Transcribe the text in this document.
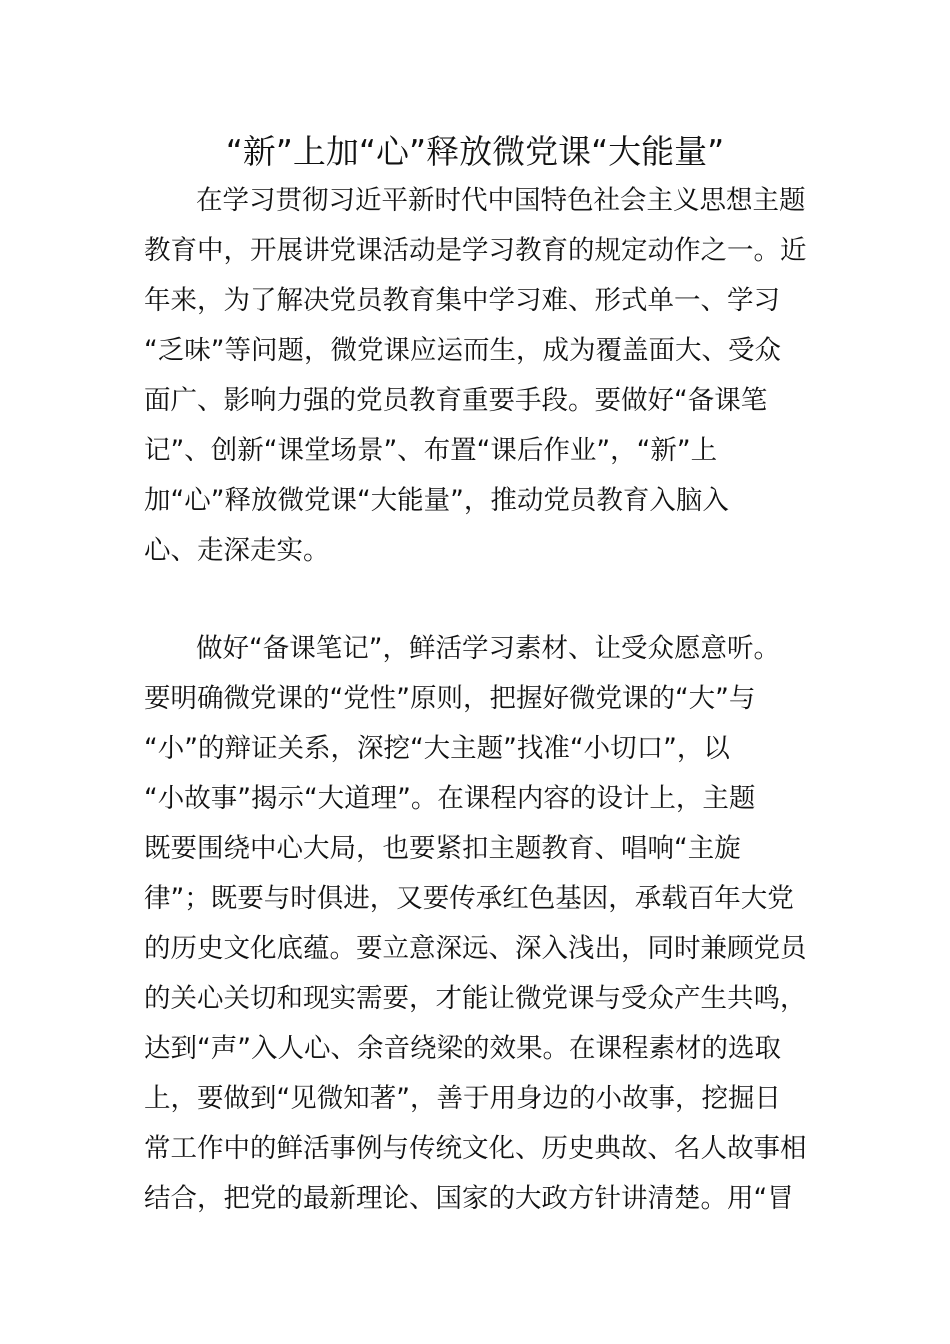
“新”上加“心”释放微党课“大能量”
在学习贯彻习近平新时代中国特色社会主义思想主题
教育中，开展讲党课活动是学习教育的规定动作之一。近
年来，为了解决党员教育集中学习难、形式单一、学习
“乏味”等问题，微党课应运而生，成为覆盖面大、受众
面广、影响力强的党员教育重要手段。要做好“备课笔
记”、创新“课堂场景”、布置“课后作业”，“新”上
加“心”释放微党课“大能量”，推动党员教育入脑入
心、走深走实。
做好“备课笔记”，鲜活学习素材、让受众愿意听。
要明确微党课的“党性”原则，把握好微党课的“大”与
“小”的辩证关系，深挖“大主题”找准“小切口”，以
“小故事”揭示“大道理”。在课程内容的设计上，主题
既要围绕中心大局，也要紧扣主题教育、唱响“主旋
律”；既要与时俱进，又要传承红色基因，承载百年大党
的历史文化底蕴。要立意深远、深入浅出，同时兼顾党员
的关心关切和现实需要，才能让微党课与受众产生共鸣，
达到“声”入人心、余音绕梁的效果。在课程素材的选取
上，要做到“见微知著”，善于用身边的小故事，挖掘日
常工作中的鲜活事例与传统文化、历史典故、名人故事相
结合，把党的最新理论、国家的大政方针讲清楚。用“冒
